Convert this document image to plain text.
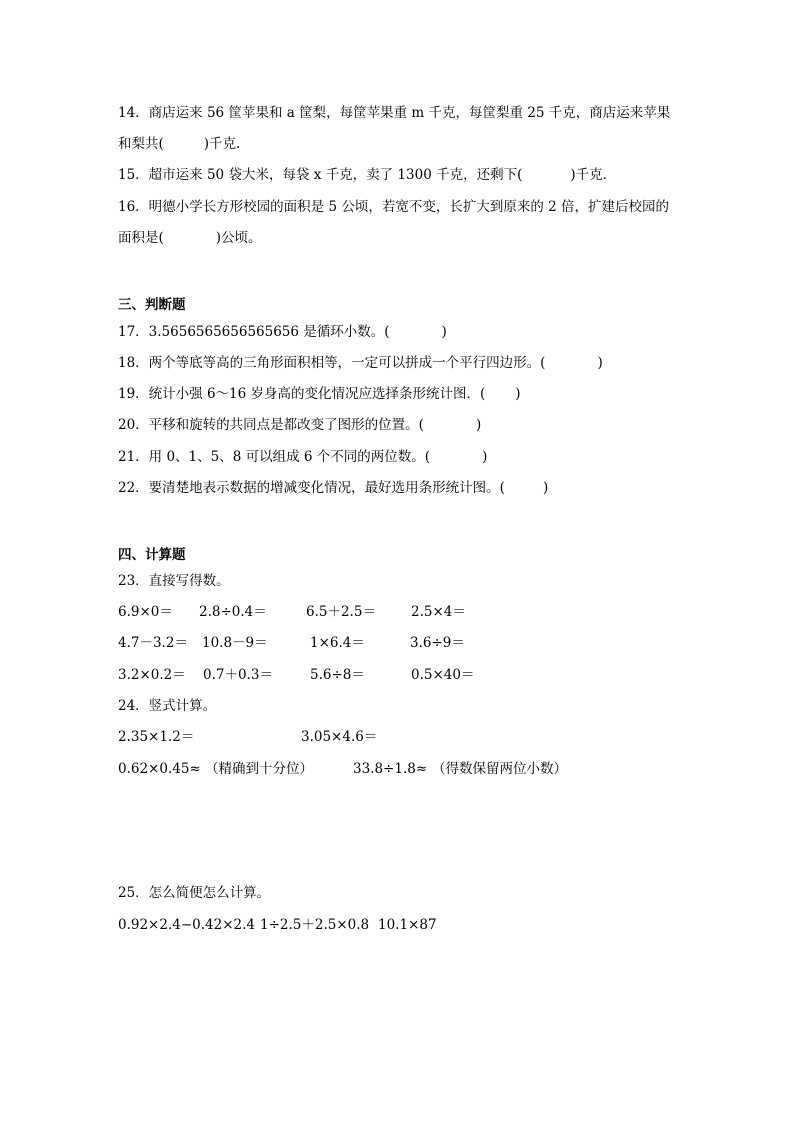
14．商店运来 56 筐苹果和 a 筐梨，每筐苹果重 m 千克，每筐梨重 25 千克，商店运来苹果
和梨共(	)千克．
15．超市运来 50 袋大米，每袋 x 千克，卖了 1300 千克，还剩下(	)千克．
16．明德小学长方形校园的面积是 5 公顷，若宽不变，长扩大到原来的 2 倍，扩建后校园的
面积是(	)公顷。
三、判断题
17．3.5656565656565656 是循环小数。(	)
18．两个等底等高的三角形面积相等，一定可以拼成一个平行四边形。(	)
19．统计小强 6～16 岁身高的变化情况应选择条形统计图．( )
20．平移和旋转的共同点是都改变了图形的位置。(	)
21．用 0、1、5、8 可以组成 6 个不同的两位数。(	)
22．要清楚地表示数据的增减变化情况，最好选用条形统计图。(	)
四、计算题
23．直接写得数。
6.9×0＝ 2.8÷0.4＝	6.5＋2.5＝	2.5×4＝
4.7－3.2＝ 10.8－9＝	1×6.4＝	3.6÷9＝
3.2×0.2＝ 0.7＋0.3＝	5.6÷8＝	0.5×40＝
24．竖式计算。
2.35×1.2＝	3.05×4.6＝
0.62×0.45≈ （精确到十分位）	33.8÷1.8≈ （得数保留两位小数）
25．怎么简便怎么计算。
0.92×2.4−0.42×2.4 1÷2.5＋2.5×0.8 10.1×87
